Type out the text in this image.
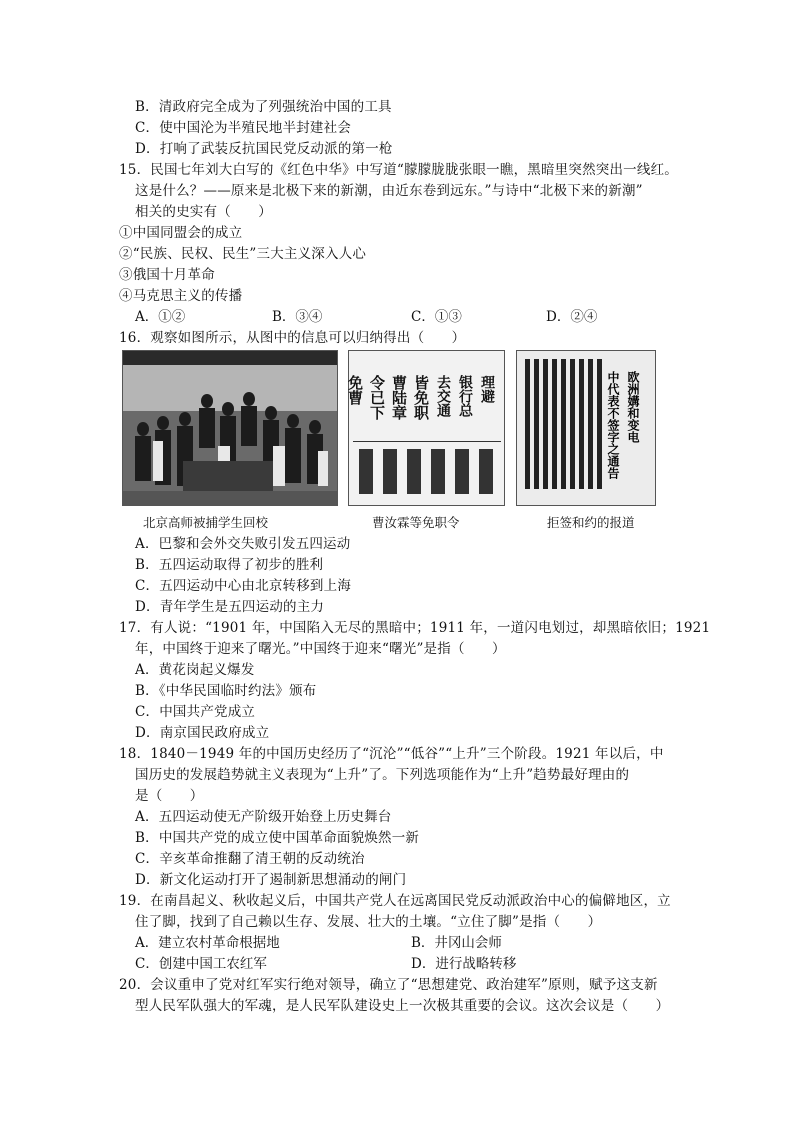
B．清政府完全成为了列强统治中国的工具
C．使中国沦为半殖民地半封建社会
D．打响了武装反抗国民党反动派的第一枪
15．民国七年刘大白写的《红色中华》中写道“朦朦胧胧张眼一瞧，黑暗里突然突出一线红。
这是什么？——原来是北极下来的新潮，由近东卷到远东。”与诗中“北极下来的新潮”
相关的史实有（　　）
①中国同盟会的成立
②“民族、民权、民生”三大主义深入人心
③俄国十月革命
④马克思主义的传播
A．①②	B．③④	C．①③	D．②④
16．观察如图所示，从图中的信息可以归纳得出（　　）
免曹 令已下 曹陆章 皆免职 去交通 银行总 理避	中代表不签字之通告 欧洲媾和变电
北京高师被捕学生回校	曹汝霖等免职令	拒签和约的报道
A．巴黎和会外交失败引发五四运动
B．五四运动取得了初步的胜利
C．五四运动中心由北京转移到上海
D．青年学生是五四运动的主力
17．有人说：“1901 年，中国陷入无尽的黑暗中；1911 年，一道闪电划过，却黑暗依旧；1921
年，中国终于迎来了曙光。”中国终于迎来“曙光”是指（　　）
A．黄花岗起义爆发
B．《中华民国临时约法》颁布
C．中国共产党成立
D．南京国民政府成立
18．1840－1949 年的中国历史经历了“沉沦”“低谷”“上升”三个阶段。1921 年以后，中
国历史的发展趋势就主义表现为“上升”了。下列选项能作为“上升”趋势最好理由的
是（　　）
A．五四运动使无产阶级开始登上历史舞台
B．中国共产党的成立使中国革命面貌焕然一新
C．辛亥革命推翻了清王朝的反动统治
D．新文化运动打开了遏制新思想涌动的闸门
19．在南昌起义、秋收起义后，中国共产党人在远离国民党反动派政治中心的偏僻地区，立
住了脚，找到了自己赖以生存、发展、壮大的土壤。“立住了脚”是指（　　）
A．建立农村革命根据地	B．井冈山会师
C．创建中国工农红军	D．进行战略转移
20．会议重申了党对红军实行绝对领导，确立了“思想建党、政治建军”原则，赋予这支新
型人民军队强大的军魂，是人民军队建设史上一次极其重要的会议。这次会议是（　　）
